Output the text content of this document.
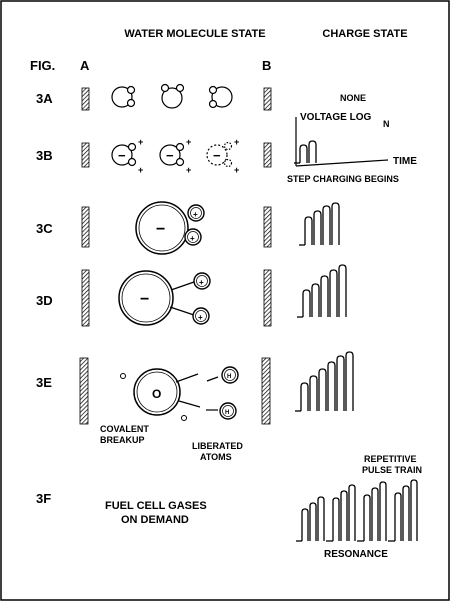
WATER MOLECULE STATE	CHARGE STATE
FIG. A	B
3A
3B
3C
3D
3E
3F
−
+
+
−
+
+
−
+
+
−
+
+
−
+
+
O
H
H
COVALENT
BREAKUP
LIBERATED
ATOMS
FUEL CELL GASES
ON DEMAND
NONE
VOLTAGE LOG
N
TIME
STEP CHARGING BEGINS
REPETITIVE
PULSE TRAIN
RESONANCE
